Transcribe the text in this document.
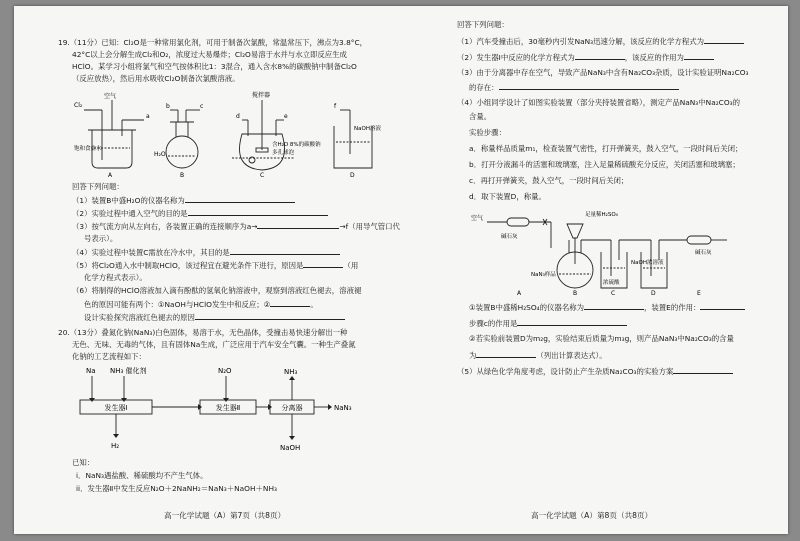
19.（11分）已知：Cl₂O是一种常用氯化剂，可用于制备次氯酸，常温常压下，沸点为3.8°C，
42°C以上会分解生成Cl₂和O₂，浓度过大易爆炸；Cl₂O易溶于水并与水立即反应生成
HClO。某学习小组将氯气和空气按体积比1：3混合，通入含水8%的碳酸钠中制备Cl₂O
（反应放热），然后用水吸收Cl₂O制备次氯酸溶液。
Cl₂
空气
a
饱和食盐水
A
b	c
H₂O
B
搅拌器
d	e
含H₂O 8%的碳酸钠
多孔球泡
C
f
NaOH溶液
D
回答下列问题：
（1）装置B中盛H₂O的仪器名称为
（2）实验过程中通入空气的目的是
（3）按气流方向从左向右，各装置正确的连接顺序为a→	→f（用导气管口代
号表示）。
（4）实验过程中装置C需放在冷水中，其目的是
（5）将Cl₂O通入水中制取HClO，该过程宜在避光条件下进行，原因是	（用
化学方程式表示）。
（6）将制得的HClO溶液加入滴有酚酞的氢氧化钠溶液中，观察到溶液红色褪去，溶液褪
色的原因可能有两个：①NaOH与HClO发生中和反应；②	。
设计实验探究溶液红色褪去的原因
20.（13分）叠氮化钠(NaN₃)白色固体，易溶于水，无色晶体，受撞击易快速分解出一种
无色、无味、无毒的气体，且有固体Na生成，广泛应用于汽车安全气囊。一种生产叠氮
化钠的工艺流程如下：
Na NH₃ 催化剂
发生器Ⅰ
N₂O
发生器Ⅱ
NH₃
分离器	NaN₃
H₂	NaOH
已知：
i．NaN₃遇盐酸、稀硫酸均不产生气体。
ii．发生器Ⅱ中发生反应N₂O＋2NaNH₂＝NaN₃＋NaOH＋NH₃
高一化学试题（A）第7页（共8页）
回答下列问题：
（1）汽车受撞击后，30毫秒内引发NaN₃迅速分解，该反应的化学方程式为
（2）发生器Ⅰ中反应的化学方程式为	，该反应的作用为
（3）由于分离器中存在空气，导致产品NaN₃中含有Na₂CO₃杂质，设计实验证明Na₂CO₃
的存在：
（4）小组同学设计了如图实验装置（部分夹持装置省略），测定产品NaN₃中Na₂CO₃的
含量。
实验步骤：
a．称量样品质量m₁，检查装置气密性，打开弹簧夹，鼓入空气，一段时间后关闭；
b．打开分液漏斗的活塞和玻璃塞，注入足量稀硫酸充分反应，关闭活塞和玻璃塞；
c．再打开弹簧夹，鼓入空气，一段时间后关闭；
d．取下装置D，称量。
空气
碱石灰
足量稀H₂SO₄
NaN₃样品
浓硫酸
NaOH浓溶液
碱石灰
A	B	C	D	E
①装置B中盛稀H₂SO₄的仪器名称为	，装置E的作用：
步骤c的作用是
②若实验前装置D为m₂g，实验结束后质量为m₃g，则产品NaN₃中Na₂CO₃的含量
为	（列出计算表达式）。
（5）从绿色化学角度考虑，设计防止产生杂质Na₂CO₃的实验方案
高一化学试题（A）第8页（共8页）
